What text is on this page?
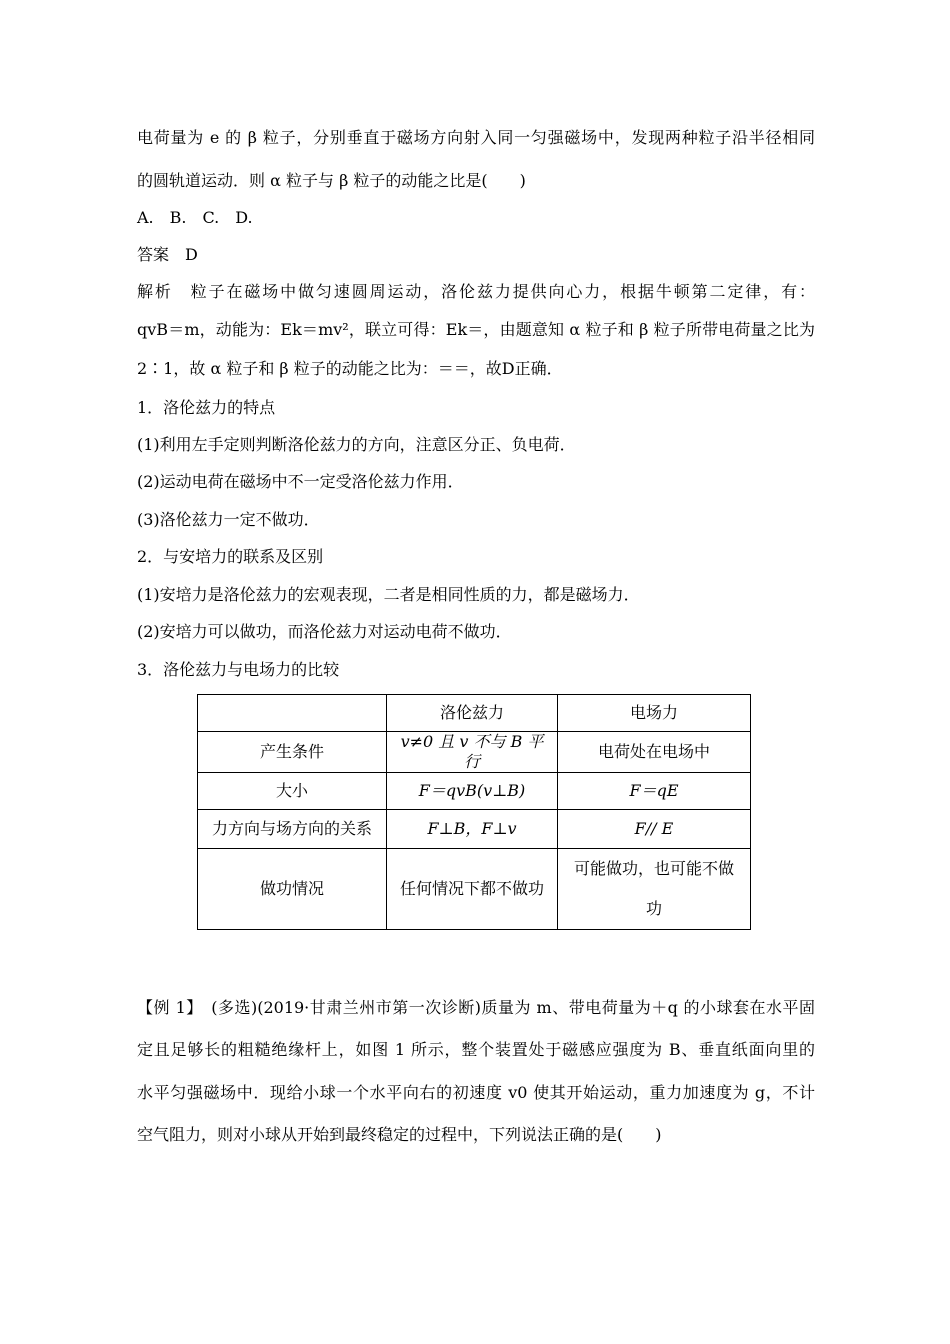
电荷量为 e 的 β 粒子，分别垂直于磁场方向射入同一匀强磁场中，发现两种粒子沿半径相同
的圆轨道运动．则 α 粒子与 β 粒子的动能之比是(　　)
A.　B.　C.　D.
答案　D
解析　粒子在磁场中做匀速圆周运动，洛伦兹力提供向心力，根据牛顿第二定律，有：
qvB＝m，动能为：Ek＝mv²，联立可得：Ek＝，由题意知 α 粒子和 β 粒子所带电荷量之比为
2∶1，故 α 粒子和 β 粒子的动能之比为：＝＝，故D正确．
1．洛伦兹力的特点
(1)利用左手定则判断洛伦兹力的方向，注意区分正、负电荷．
(2)运动电荷在磁场中不一定受洛伦兹力作用．
(3)洛伦兹力一定不做功．
2．与安培力的联系及区别
(1)安培力是洛伦兹力的宏观表现，二者是相同性质的力，都是磁场力．
(2)安培力可以做功，而洛伦兹力对运动电荷不做功．
3．洛伦兹力与电场力的比较
	洛伦兹力	电场力
产生条件	v≠0 且 v 不与 B 平行	电荷处在电场中
大小	F＝qvB(v⊥B)	F＝qE
力方向与场方向的关系	F⊥B，F⊥v	F// E
做功情况	任何情况下都不做功	可能做功，也可能不做功
【例 1】　(多选)(2019·甘肃兰州市第一次诊断)质量为 m、带电荷量为＋q 的小球套在水平固
定且足够长的粗糙绝缘杆上，如图 1 所示，整个装置处于磁感应强度为 B、垂直纸面向里的
水平匀强磁场中．现给小球一个水平向右的初速度 v0 使其开始运动，重力加速度为 g，不计
空气阻力，则对小球从开始到最终稳定的过程中，下列说法正确的是(　　)
